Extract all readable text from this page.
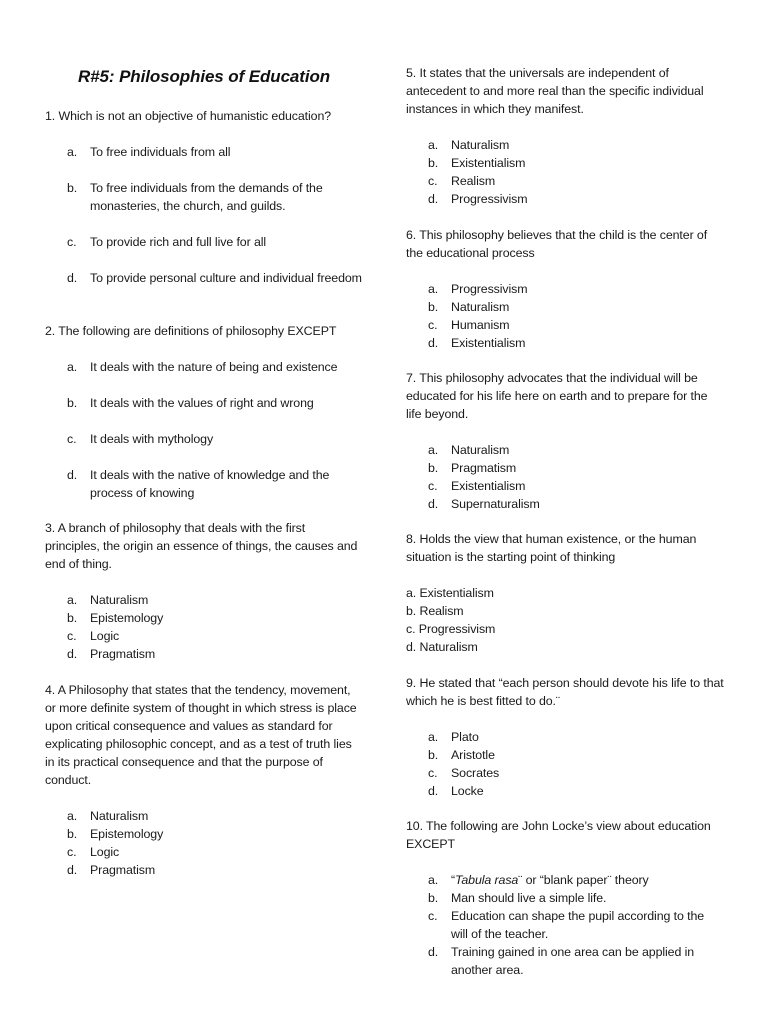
R#5: Philosophies of Education

1. Which is not an objective of humanistic education?

a. To free individuals from all
b. To free individuals from the demands of the monasteries, the church, and guilds.
c. To provide rich and full live for all
d. To provide personal culture and individual freedom

2. The following are definitions of philosophy EXCEPT

a. It deals with the nature of being and existence
b. It deals with the values of right and wrong
c. It deals with mythology
d. It deals with the native of knowledge and the process of knowing

3. A branch of philosophy that deals with the first principles, the origin an essence of things, the causes and end of thing.

a. Naturalism
b. Epistemology
c. Logic
d. Pragmatism

4. A Philosophy that states that the tendency, movement, or more definite system of thought in which stress is place upon critical consequence and values as standard for explicating philosophic concept, and as a test of truth lies in its practical consequence and that the purpose of conduct.

a. Naturalism
b. Epistemology
c. Logic
d. Pragmatism

5. It states that the universals are independent of antecedent to and more real than the specific individual instances in which they manifest.

a. Naturalism
b. Existentialism
c. Realism
d. Progressivism

6. This philosophy believes that the child is the center of the educational process

a. Progressivism
b. Naturalism
c. Humanism
d. Existentialism

7. This philosophy advocates that the individual will be educated for his life here on earth and to prepare for the life beyond.

a. Naturalism
b. Pragmatism
c. Existentialism
d. Supernaturalism

8. Holds the view that human existence, or the human situation is the starting point of thinking

a. Existentialism
b. Realism
c. Progressivism
d. Naturalism

9. He stated that “each person should devote his life to that which he is best fitted to do.¨

a. Plato
b. Aristotle
c. Socrates
d. Locke

10. The following are John Locke’s view about education EXCEPT

a. “Tabula rasa¨ or “blank paper¨ theory
b. Man should live a simple life.
c. Education can shape the pupil according to the will of the teacher.
d. Training gained in one area can be applied in another area.
